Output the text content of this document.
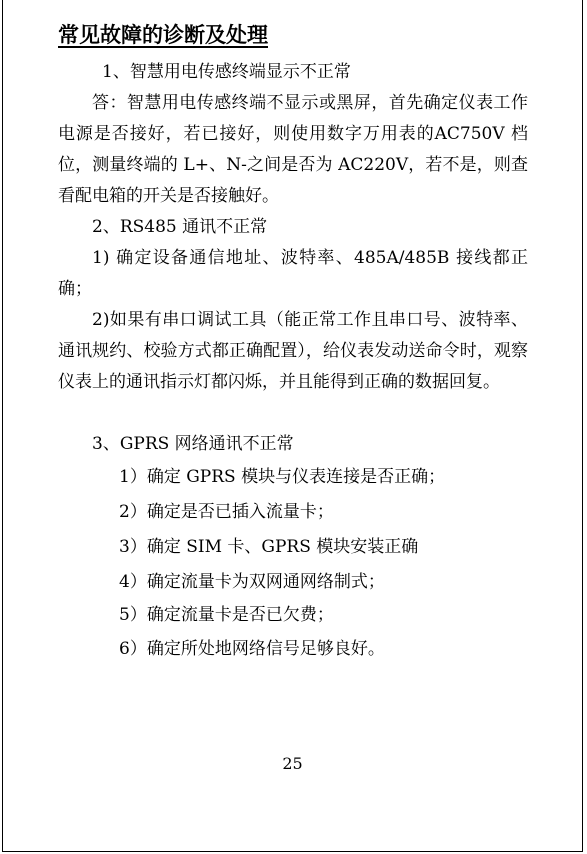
常见故障的诊断及处理

1、智慧用电传感终端显示不正常

答：智慧用电传感终端不显示或黑屏，首先确定仪表工作电源是否接好，若已接好，则使用数字万用表的AC750V 档位，测量终端的 L+、N-之间是否为 AC220V，若不是，则查看配电箱的开关是否接触好。

2、RS485 通讯不正常

1) 确定设备通信地址、波特率、485A/485B 接线都正确；

2)如果有串口调试工具（能正常工作且串口号、波特率、通讯规约、校验方式都正确配置），给仪表发动送命令时，观察仪表上的通讯指示灯都闪烁，并且能得到正确的数据回复。

3、GPRS 网络通讯不正常

1）确定 GPRS 模块与仪表连接是否正确；
2）确定是否已插入流量卡；
3）确定 SIM 卡、GPRS 模块安装正确
4）确定流量卡为双网通网络制式；
5）确定流量卡是否已欠费；
6）确定所处地网络信号足够良好。
25
